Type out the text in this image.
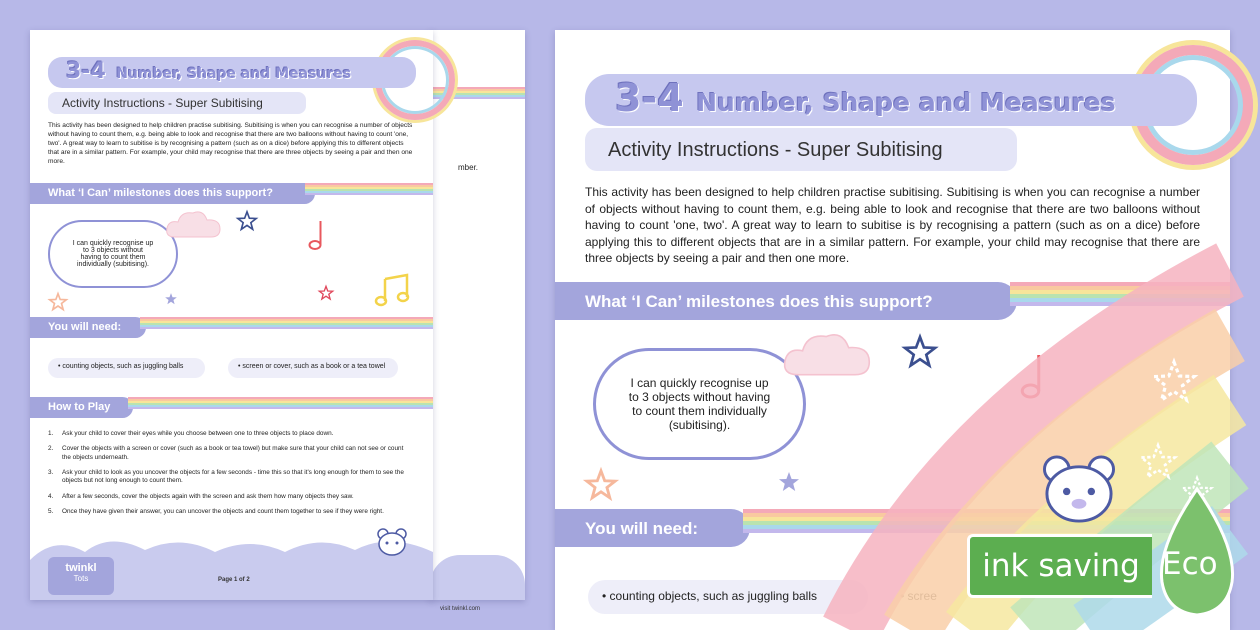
mber.
visit twinkl.com
3-4 Number, Shape and Measures
Activity Instructions - Super Subitising
This activity has been designed to help children practise subitising. Subitising is when you can recognise a number of objects without having to count them, e.g. being able to look and recognise that there are two balloons without having to count 'one, two'. A great way to learn to subitise is by recognising a pattern (such as on a dice) before applying this to different objects that are in a similar pattern. For example, your child may recognise that there are three objects by seeing a pair and then one more.
What ‘I Can’ milestones does this support?
I can quickly recognise up to 3 objects without having to count them individually (subitising).
You will need:
• counting objects, such as juggling balls	• screen or cover, such as a book or a tea towel
How to Play
1.	Ask your child to cover their eyes while you choose between one to three objects to place down.
2.	Cover the objects with a screen or cover (such as a book or tea towel) but make sure that your child can not see or count the objects underneath.
3.	Ask your child to look as you uncover the objects for a few seconds - time this so that it's long enough for them to see the objects but not long enough to count them.
4.	After a few seconds, cover the objects again with the screen and ask them how many objects they saw.
5.	Once they have given their answer, you can uncover the objects and count them together to see if they were right.
twinkl
Tots	Page 1 of 2
3-4 Number, Shape and Measures
Activity Instructions - Super Subitising
This activity has been designed to help children practise subitising. Subitising is when you can recognise a number of objects without having to count them, e.g. being able to look and recognise that there are two balloons without having to count 'one, two'. A great way to learn to subitise is by recognising a pattern (such as on a dice) before applying this to different objects that are in a similar pattern. For example, your child may recognise that there are three objects by seeing a pair and then one more.
What ‘I Can’ milestones does this support?
I can quickly recognise up to 3 objects without having to count them individually (subitising).
You will need:
• counting objects, such as juggling balls	• scree
ink saving Eco
